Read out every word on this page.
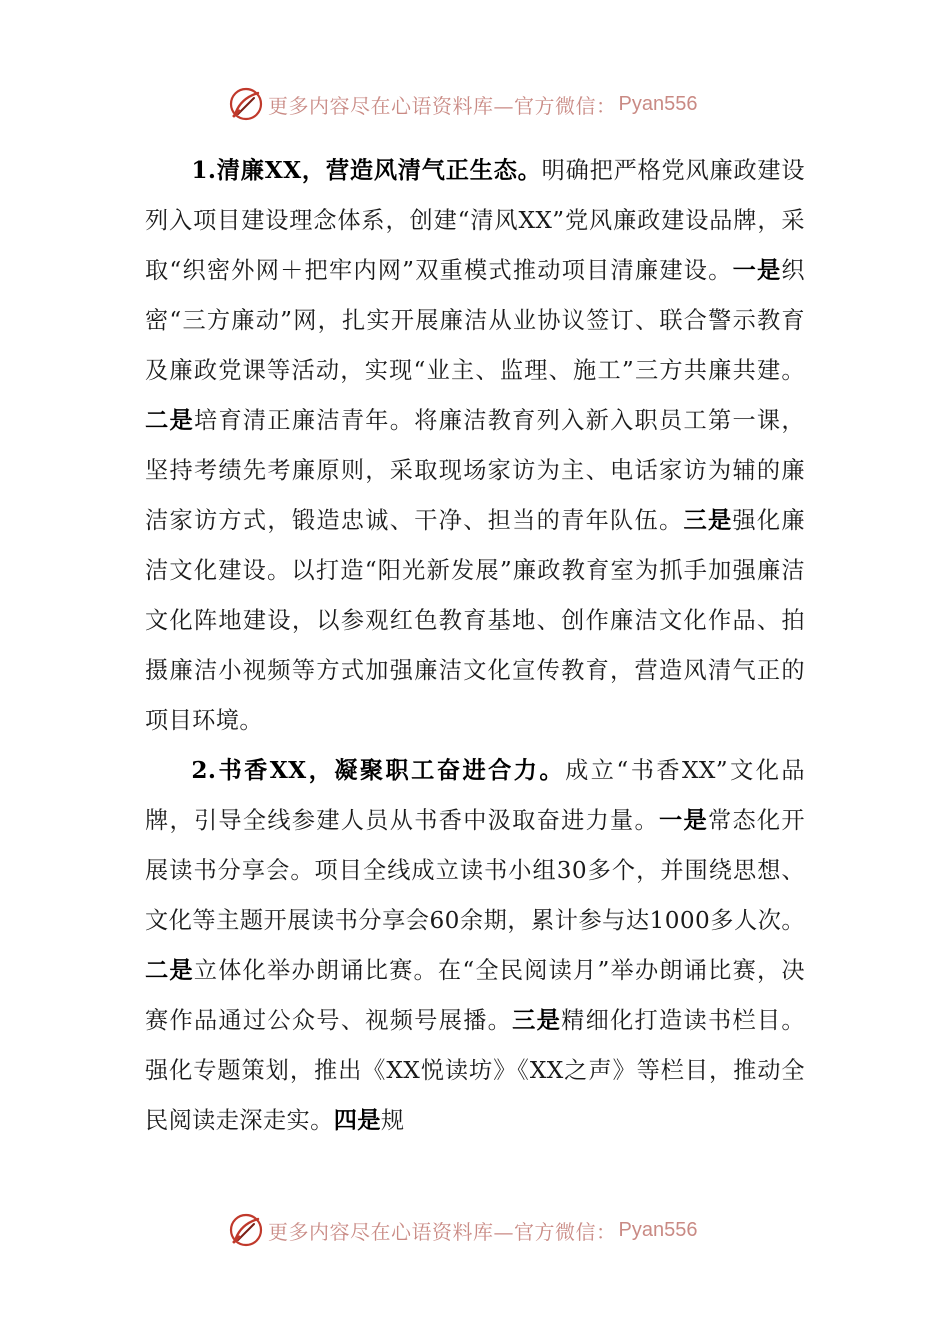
更多内容尽在心语资料库—官方微信： Pyan556

1.清廉XX，营造风清气正生态。明确把严格党风廉政建设列入项目建设理念体系，创建“清风XX”党风廉政建设品牌，采取“织密外网＋把牢内网”双重模式推动项目清廉建设。一是织密“三方廉动”网，扎实开展廉洁从业协议签订、联合警示教育及廉政党课等活动，实现“业主、监理、施工”三方共廉共建。二是培育清正廉洁青年。将廉洁教育列入新入职员工第一课，坚持考绩先考廉原则，采取现场家访为主、电话家访为辅的廉洁家访方式，锻造忠诚、干净、担当的青年队伍。三是强化廉洁文化建设。以打造“阳光新发展”廉政教育室为抓手加强廉洁文化阵地建设，以参观红色教育基地、创作廉洁文化作品、拍摄廉洁小视频等方式加强廉洁文化宣传教育，营造风清气正的项目环境。

2.书香XX，凝聚职工奋进合力。成立“书香XX”文化品牌，引导全线参建人员从书香中汲取奋进力量。一是常态化开展读书分享会。项目全线成立读书小组30多个，并围绕思想、文化等主题开展读书分享会60余期，累计参与达1000多人次。二是立体化举办朗诵比赛。在“全民阅读月”举办朗诵比赛，决赛作品通过公众号、视频号展播。三是精细化打造读书栏目。强化专题策划，推出《XX悦读坊》《XX之声》等栏目，推动全民阅读走深走实。四是规

更多内容尽在心语资料库—官方微信： Pyan556
